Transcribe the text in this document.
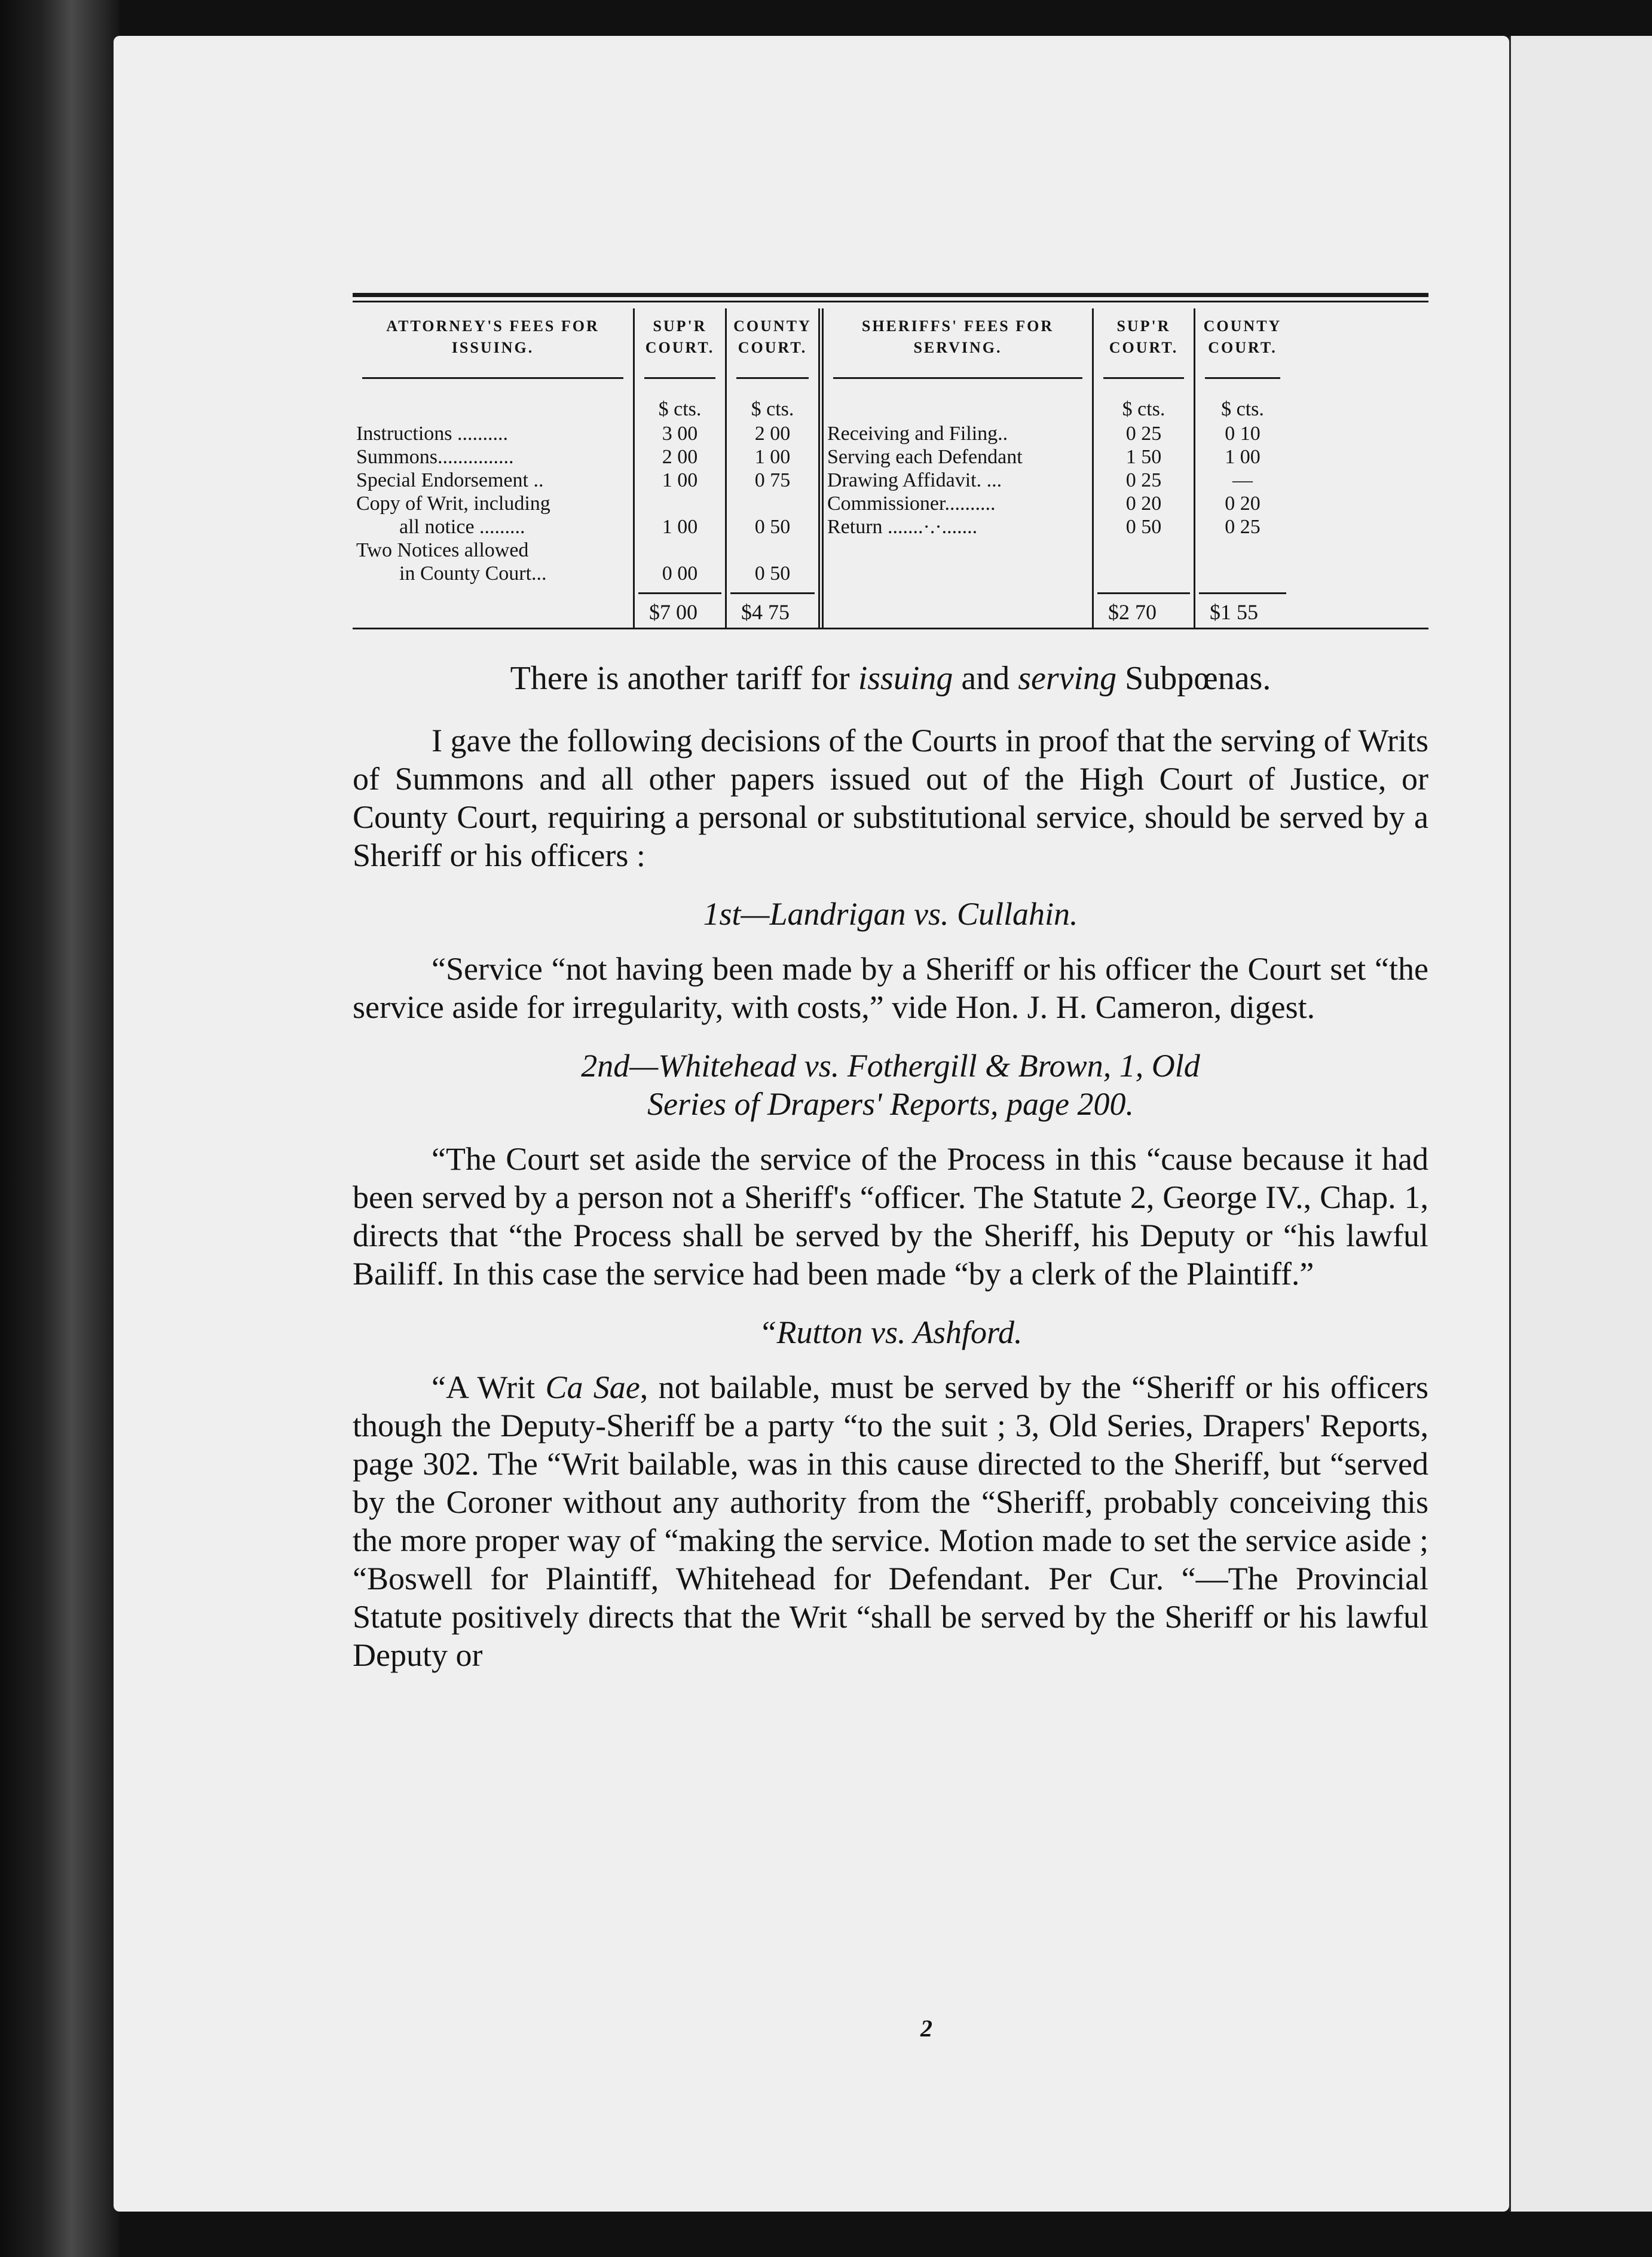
ATTORNEY'S FEES FOR ISSUING.

Instructions ..........
Summons...............
Special Endorsement ..
Copy of Writ, including
all notice .........
Two Notices allowed
in County Court...
SUP'R COURT.
$ cts.
3 00
2 00
1 00
1 00
0 00
$7 00
COUNTY COURT.
$ cts.
2 00
1 00
0 75
0 50
0 50
$4 75
SHERIFFS' FEES FOR SERVING.

Receiving and Filing..
Serving each Defendant
Drawing Affidavit. ...
Commissioner..........
Return .......·.·.......

SUP'R COURT.
$ cts.
0 25
1 50
0 25
0 20
0 50

$2 70
COUNTY COURT.
$ cts.
0 10
1 00
—
0 20
0 25

$1 55

There is another tariff for issuing and serving Subpœnas.

I gave the following decisions of the Courts in proof that the serving of Writs of Summons and all other papers issued out of the High Court of Justice, or County Court, requiring a personal or substitutional service, should be served by a Sheriff or his officers :

1st—Landrigan vs. Cullahin.

“Service “not having been made by a Sheriff or his officer the Court set “the service aside for irregularity, with costs,” vide Hon. J. H. Cameron, digest.

2nd—Whitehead vs. Fothergill & Brown, 1, Old
Series of Drapers' Reports, page 200.

“The Court set aside the service of the Process in this “cause because it had been served by a person not a Sheriff's “officer. The Statute 2, George IV., Chap. 1, directs that “the Process shall be served by the Sheriff, his Deputy or “his lawful Bailiff. In this case the service had been made “by a clerk of the Plaintiff.”

“Rutton vs. Ashford.

“A Writ Ca Sae, not bailable, must be served by the “Sheriff or his officers though the Deputy-Sheriff be a party “to the suit ; 3, Old Series, Drapers' Reports, page 302. The “Writ bailable, was in this cause directed to the Sheriff, but “served by the Coroner without any authority from the “Sheriff, probably conceiving this the more proper way of “making the service. Motion made to set the service aside ; “Boswell for Plaintiff, Whitehead for Defendant. Per Cur. “—The Provincial Statute positively directs that the Writ “shall be served by the Sheriff or his lawful Deputy or

2
